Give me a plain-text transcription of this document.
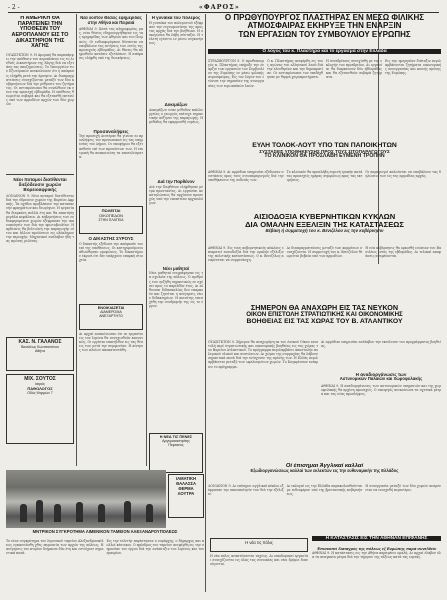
- 2 -	«ΦΑΡΟΣ»
Η ΑΜΕΡΙΚΗ ΘΑ ΠΑΡΑΤΕΙΝΕΙ ΤΗΝ ΥΠΟΘΕΣΙΝ ΤΟΥ ΑΕΡΟΠΛΑΝΟΥ ΕΙΣ ΤΟ ΔΙΚΑΣΤΗΡΙΟΝ ΤΗΣ ΧΑΓΗΣ
ΟΥΑΣΙΓΚΤΩΝ 9. Η Αμερική θα παραπέμψει την υπόθεσιν του αεροπλάνου εις το Διεθνές Δικαστήριον της Χάγης διά να εξετάση τας αποζημιώσεις. Το Υπουργείον των Εξωτερικών ανεκοίνωσεν ότι η απόφασις ελήφθη μετά την άρνησιν. Αι διαπραγματεύσεις συνεχίζονται μεταξύ των δύο κυβερνήσεων διά την ρύθμισιν του ζητήματος. Οι αντιπρόσωποι θα συνέλθουν εκ νέου την προσεχή εβδομάδα. Η υπόθεσις θεωρείται σοβαρά και θα εξετασθή εκτενώς υπό των αρμοδίων αρχών των δύο χωρών.
Νέοι ποταμοί διατίθενται διεξόδευσιν χωρών Βορειοαφρικής
ΛΟΝΔΙΝΟΝ 9. Νέοι ποταμοί διατίθενται διά την ύδρευσιν χωρών της Βορείου Αφρικής. Τα σχέδια προβλέπουν την κατασκευήν φραγμάτων και διωρύγων. Η εργασία θα διαρκέση πολλά έτη και θα απαιτήση μεγάλα κεφάλαια. Αι κυβερνήσεις των ενδιαφερομένων χωρών εξέφρασαν την ικανοποίησίν των διά την πρωτοβουλίαν. Η αρδευσις θα βελτιώση την παραγωγήν σίτου και άλλων προϊόντων εις ολόκληρον την περιοχήν. Μηχανικοί ανέλαβον ήδη τας πρώτας μελέτας.
ΚΑΣ. Ν. ΓΑΛΑΝΟΣ
Βασιλέως Κωνσταντίνου
Αθήνα
ΜΙΧ. ΣΟΥΤΟΣ
Ιατρός
ΠΑΘΟΛΟΓΟΣ
Οδός Ψαρρών 7
Νέα λοιπόν Θέσεις εφημερίδας στην Αθήνα και Πειραιά
ΑΘΗΝΑΙ 9. Κατά τας πληροφορίας μας, νέαι θέσεις εδημιουργήθησαν εις τας εφημερίδας των Αθηνών και του Πειραιώς. Οι ενδιαφερόμενοι δύνανται να υποβάλουν τας αιτήσεις των εντός της προσεχούς εβδομάδος. Αι θέσεις θα πληρωθούν κατόπιν εξετάσεων. Η απόφασις ελήφθη υπό της διοικήσεως.
Προσαναλήψεις
Την προσεχή Δευτέραν θα γίνουν αι προσλήψεις του προσωπικού εις τας υπηρεσίας του Δήμου. Οι υποψήφιοι θα εξετασθούν επί των προσόντων των. Η επιτροπή θα ανακοινώση τα αποτελέσματα.
ΠΩΛΕΙΤΑΙ
ΟΙΚΟΠΕΔΟΝ
ΣΤΗΝ ΠΛΑΤΕΙΑ
Ο ΔΙΚΑΣΤΗΣ ΣΥΡΟΥΣ
Ο δικαστής εξέδωσε την απόφασίν του επί της υποθέσεως. Οι κατηγορούμενοι αθωώθησαν ομοφώνως. Το δικαστήριον έκρινε ότι δεν υπάρχουν επαρκή στοιχεία.
ΕΝΟΙΚΙΑΖΕΤΑΙ
ΔΙΑΜΕΡΙΣΜΑ
ΑΝΕΞΑΡΤΗΤΟ
Αι αρχαί ανεκοίνωσαν ότι αι εργασίαι εις τον λιμένα θα συνεχισθούν κανονικώς. Οι εργάται επανήλθον εις τας θέσεις των μετά την συμφωνίαν. Η κίνησις των πλοίων αποκατεστάθη.
Η γυναίκα του πόλεμος
Η γυναίκα του πολεμιστού εξέφρασε την ευγνωμοσύνην της προς τας αρχάς διά την βοήθειαν. Η οικογένεια θα λάβη σύνταξιν. Η τελετή εγένετο εν μέσω συγκινήσεως.
Δοκιμάζων
Δοκιμάζων νέαν μέθοδον καλλιεργείας ο γεωργός επέτυχε σημαντικήν αύξησιν της παραγωγής. Η μέθοδος θα εφαρμοσθή ευρέως.
Διά την Παρθένον
Διά την Παρθένον ελήφθησαν μέτρα προστασίας. Αι εργασίαι αναστηλώσεως θα αρχίσουν προσεχώς υπό την εποπτείαν αρχαιολόγων.
Νέοι μαθηταί
Νέοι μαθηταί ενεγράφησαν εις τα σχολεία της πόλεως. Ο αριθμός των ηυξήθη σημαντικώς εν σχέσει προς το παρελθόν έτος. Αι αίθουσαι διδασκαλίας δεν επαρκούν και ζητείται η ανέγερσις νέων διδακτηρίων. Η κοινότης υπεσχέθη την συνδρομήν της εις το έργον.
Η ΝΕΑ ΤΙΣ ΠΕΝΕΣ
Αργυροκαστρίτης
Πειραιεύς
Ο ΠΡΩΘΥΠΟΥΡΓΟΣ ΠΛΑΣΤΗΡΑΣ ΕΝ ΜΕΣΩ ΦΙΛΙΚΗΣ
ΑΤΜΟΣΦΑΙΡΑΣ ΕΚΗΡΥΞΕ ΤΗΝ ΕΝΑΡΞΙΝ
ΤΩΝ ΕΡΓΑΣΙΩΝ ΤΟΥ ΣΥΜΒΟΥΛΙΟΥ ΕΥΡΩΠΗΣ
Ο λόγος του κ. Πλαστήρα και το έργασμα στην Ελλάδα
ΣΤΡΑΣΒΟΥΡΓΟΝ 9. Ο πρωθυπουργός κ. Πλαστήρας εκήρυξε την έναρξιν των εργασιών του Συμβουλίου της Ευρώπης εν μέσω φιλικής ατμοσφαίρας. Εις τον λόγον του ετόνισε την σημασίαν της συνεργασίας των ευρωπαϊκών λαών.
Ο κ. Πλαστήρας ανεφέρθη εις τους αγώνας του ελληνικού λαού διά την ελευθερίαν και την δημοκρατίαν. Οι αντιπρόσωποι τον υπεδέχθησαν με θερμά χειροκροτήματα.
Η συνεδρίασις συνεχίσθη με την εκλογήν του προεδρείου. Αι εργασίαι θα διαρκέσουν δύο εβδομάδας και θα εξετασθούν σοβαρά ζητήματα.
Εις την ημερησίαν διάταξιν περιλαμβάνονται ζητήματα οικονομικής συνεργασίας και κοινής αμύνης της Ευρώπης.
ΕΥΛΗ ΤΟΛΟΚ-ΛΟΥΤ ΥΠΟ ΤΩΝ ΠΑΠΟΙΚΗΤΩΝ
ΣΥΣΤΑΣΕΙΣ ΥΠΟΘΗΚΕΥΣΗΣ ΠΡΟΣ ΤΟΥΣ ΣΙΤΟΠΑΡΑΓΩΓΟΥΣ
ΤΟ ΚΛΙΝΙΚΟΝ ΘΑ ΠΡΟΣΛΑΒΗ ΕΥΜΕΝΗ ΤΡΟΠΗΝ
ΑΘΗΝΑΙ 9. Αι αρμόδιαι υπηρεσίαι εξέδωσαν συστάσεις προς τους σιτοπαραγωγούς διά την υποθήκευσιν της σοδειάς των.
Το κλινικόν θα προσλάβη ευμενή τροπήν κατά τας προσεχείς ημέρας συμφώνως προς τας εκτιμήσεις.
Οι παραγωγοί καλούνται να υποβάλουν τας δηλώσεις των εις τας αρμοδίας αρχάς.
ΑΙΣΙΟΔΟΞΙΑ ΚΥΒΕΡΝΗΤΙΚΩΝ ΚΥΚΛΩΝ
ΔΙΑ ΟΜΑΛΗΝ ΕΞΕΛΙΞΙΝ ΤΗΣ ΚΑΤΑΣΤΑΣΕΩΣ
Βέβαιη ή συμμετοχή του κ. Βενιζέλου εις την κυβέρνησιν
ΑΘΗΝΑΙ 9. Εις τους κυβερνητικούς κύκλους επικρατεί αισιοδοξία διά την ομαλήν εξέλιξιν της πολιτικής καταστάσεως. Ο κ. Βενιζέλος αναμένεται να συμμετάσχη.
Αι διαπραγματεύσεις μεταξύ των κομμάτων συνεχίζονται. Η συμμετοχή του κ. Βενιζέλου θεωρείται βεβαία υπό των αρμοδίων.
Η νέα κυβέρνησις θα ορκισθή ενώπιον του Βασιλέως εντός της εβδομάδος. Αι τελικαί αποφάσεις αναμένονται.
ΣΗΜΕΡΟΝ ΘΑ ΑΝΑΧΩΡΗ ΕΙΣ ΤΑΣ ΝΕΥΚΟΝ
ΟΙΚΟΝ ΕΠΙΣΤΟΛΗ ΣΤΡΑΤΙΩΤΙΚΗΣ ΚΑΙ ΟΙΚΟΝΟΜΙΚΗΣ
ΒΟΗΘΕΙΑΣ ΕΙΣ ΤΑΣ ΧΩΡΑΣ ΤΟΥ Β. ΑΤΛΑΝΤΙΚΟΥ
ΟΥΑΣΙΓΚΤΩΝ 9. Σήμερον θα αναχωρήση εκ του Λευκού Οίκου επιστολή περί στρατιωτικής και οικονομικής βοηθείας εις τας χώρας του Βορείου Ατλαντικού. Το πρόγραμμα περιλαμβάνει αποστολήν πολεμικού υλικού και πιστώσεων. Αι χώραι της συμμαχίας θα λάβουν σημαντικά ποσά διά την ενίσχυσιν της αμύνης των. Η Ελλάς περιλαμβάνεται μεταξύ των ωφελουμένων χωρών. Το Κογκρέσσον ενέκρινε το πρόγραμμα.
Αι αρμόδιαι υπηρεσίαι ανέλαβον την εκτέλεσιν του προγράμματος βοηθείας.
Η αναδιοργάνωσις των
Αστυνομικών Παλαιών και Χωροφυλακής
ΑΘΗΝΑΙ 9. Η αναδιοργάνωσις των αστυνομικών υπηρεσιών και της χωροφυλακής θα αρχίση προσεχώς. Ο υπουργός ανεκοίνωσε τα σχετικά μέτρα και τας νέας προσλήψεις.
Οί έπισημαι Άγγλικαί καλλαί
Εξωδιοργανώσεως καλλαί των εκλεκτών εις την ευθυναμικήν της Ελλάδος
ΛΟΝΔΙΝΟΝ 9. Αι επίσημοι αγγλικαί κύκλοι εξέφρασαν την ικανοποίησίν των διά την εξέλιξιν.
Αι εκλογαί εις την Ελλάδα παρακολουθούνται με ενδιαφέρον υπό της βρεταννικής κυβερνήσεως.
Η συνεργασία μεταξύ των δύο χωρών αναμένεται να ενισχυθή περαιτέρω.
Η ΚΑΤΑΣΤΑΣΙΣ ΕΙΣ ΤΗΝ ΑΘΗΝΑΝ ΕΠΙΦΑΝΗΣ
Έπισκοπεί διαταγμός της πόλεως εξ Ευρώπης παρά συνελθείν
ΑΘΗΝΑΙ 9. Η κατάστασις εις την Αθήνα παραμένει ομαλή. Αι αρχαί έλαβον όλα τα αναγκαία μέτρα διά την τήρησιν της τάξεως κατά τας εορτάς.
ΙΑΜΑΤΙΚΗ
ΘΑΛΑΣΣΑ
ΘΕΡΜΑ
ΛΟΥΤΡΑ
ΜΝΤΡΙΚΟΝ ΣΥΓΚΡΟΤΗΜΑ ΛΙΜΕΝΙΚΟΝ ΤΑΜΕΙΟΝ ΑΛΕΞΑΝΔΡΟΥΠΟΛΕΩΣ
Το νέον συγκρότημα του λιμενικού ταμείου Αλεξανδρουπόλεως εγκαινιάσθη χθες παρουσία των αρχών της πόλεως. Η ανέγερσις του κτιρίου διήρκεσε δύο έτη και εστοίχισε σημαντικά ποσά.
Εις την τελετήν παρέστησαν ο νομάρχης, ο δήμαρχος και πολλοί κάτοικοι. Ο πρόεδρος του ταμείου ανεφέρθη εις την σημασίαν του έργου διά την ανάπτυξιν του λιμένος και του εμπορίου.
Η νέα τις πόλις
Η νέα πόλις αναπτύσσεται ταχέως. Αι οικοδομικαί εργασίαι συνεχίζονται εις όλας τας συνοικίας και νέοι δρόμοι διανοίγονται.
